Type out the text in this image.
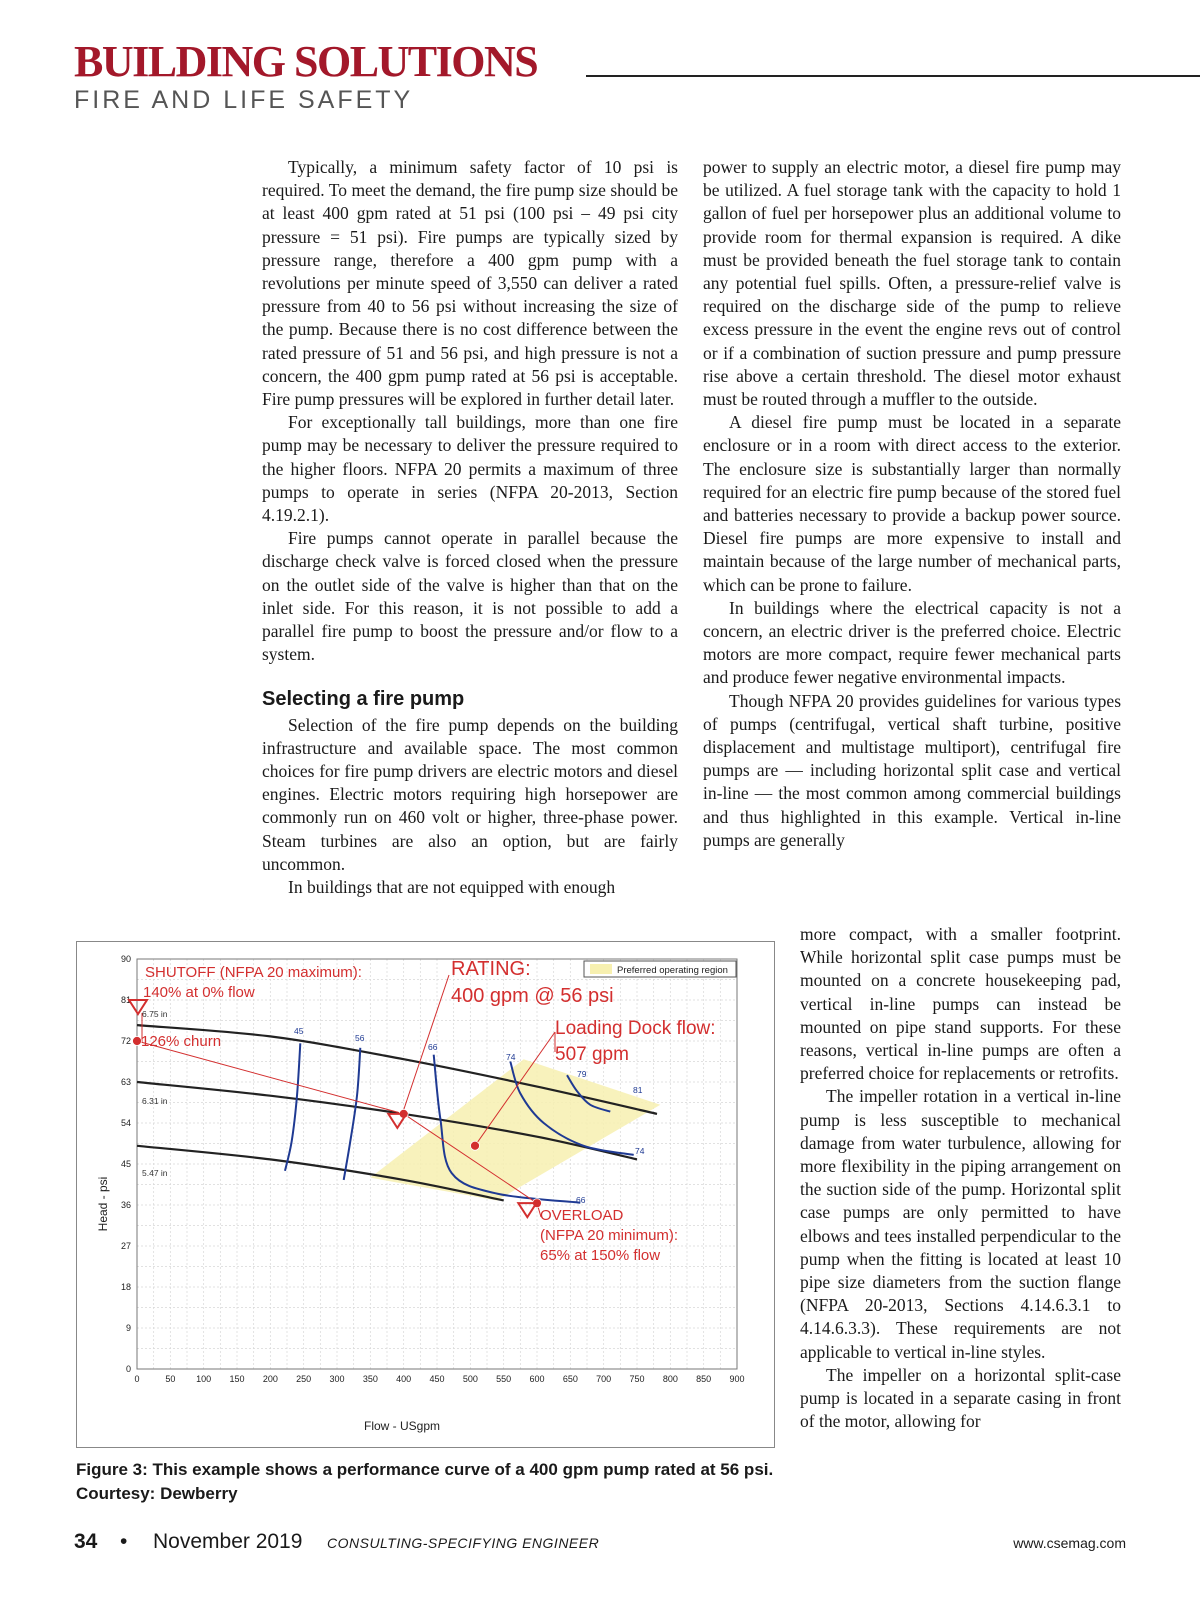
BUILDING SOLUTIONS
FIRE AND LIFE SAFETY

Typically, a minimum safety factor of 10 psi is required. To meet the demand, the fire pump size should be at least 400 gpm rated at 51 psi (100 psi – 49 psi city pressure = 51 psi). Fire pumps are typically sized by pressure range, therefore a 400 gpm pump with a revolutions per minute speed of 3,550 can deliver a rated pressure from 40 to 56 psi without increasing the size of the pump. Because there is no cost difference between the rated pressure of 51 and 56 psi, and high pressure is not a concern, the 400 gpm pump rated at 56 psi is acceptable. Fire pump pressures will be explored in further detail later.

For exceptionally tall buildings, more than one fire pump may be necessary to deliver the pressure required to the higher floors. NFPA 20 permits a maximum of three pumps to operate in series (NFPA 20-2013, Section 4.19.2.1).

Fire pumps cannot operate in parallel because the discharge check valve is forced closed when the pressure on the outlet side of the valve is higher than that on the inlet side. For this reason, it is not possible to add a parallel fire pump to boost the pressure and/or flow to a system.

Selecting a fire pump

Selection of the fire pump depends on the building infrastructure and available space. The most common choices for fire pump drivers are electric motors and diesel engines. Electric motors requiring high horsepower are commonly run on 460 volt or higher, three-phase power. Steam turbines are also an option, but are fairly uncommon.

In buildings that are not equipped with enough

power to supply an electric motor, a diesel fire pump may be utilized. A fuel storage tank with the capacity to hold 1 gallon of fuel per horsepower plus an additional volume to provide room for thermal expansion is required. A dike must be provided beneath the fuel storage tank to contain any potential fuel spills. Often, a pressure-relief valve is required on the discharge side of the pump to relieve excess pressure in the event the engine revs out of control or if a combination of suction pressure and pump pressure rise above a certain threshold. The diesel motor exhaust must be routed through a muffler to the outside.

A diesel fire pump must be located in a separate enclosure or in a room with direct access to the exterior. The enclosure size is substantially larger than normally required for an electric fire pump because of the stored fuel and batteries necessary to provide a backup power source. Diesel fire pumps are more expensive to install and maintain because of the large number of mechanical parts, which can be prone to failure.

In buildings where the electrical capacity is not a concern, an electric driver is the preferred choice. Electric motors are more compact, require fewer mechanical parts and produce fewer negative environmental impacts.

Though NFPA 20 provides guidelines for various types of pumps (centrifugal, vertical shaft turbine, positive displacement and multistage multiport), centrifugal fire pumps are — including horizontal split case and vertical in-line — the most common among commercial buildings and thus highlighted in this example. Vertical in-line pumps are generally

more compact, with a smaller footprint. While horizontal split case pumps must be mounted on a concrete housekeeping pad, vertical in-line pumps can instead be mounted on pipe stand supports. For these reasons, vertical in-line pumps are often a preferred choice for replacements or retrofits.

The impeller rotation in a vertical in-line pump is less susceptible to mechanical damage from water turbulence, allowing for more flexibility in the piping arrangement on the suction side of the pump. Horizontal split case pumps are only permitted to have elbows and tees installed perpendicular to the pump when the fitting is located at least 10 pipe size diameters from the suction flange (NFPA 20-2013, Sections 4.14.6.3.1 to 4.14.6.3.3). These requirements are not applicable to vertical in-line styles.

The impeller on a horizontal split-case pump is located in a separate casing in front of the motor, allowing for

0	50 100 150 200 250 300 350 400 450 500 550 600 650 700 750 800 850 900
0
9
18
27
36
45
54
63
72
81
90
Flow - USgpm
Head - psi
Preferred operating region
SHUTOFF (NFPA 20 maximum):
140% at 0% flow
126% churn
RATING:
400 gpm @ 56 psi
Loading Dock flow:
507 gpm
OVERLOAD
(NFPA 20 minimum):
65% at 150% flow
6.75 in
6.31 in
5.47 in
45
56
66
74
79
81
74
66
Figure 3: This example shows a performance curve of a 400 gpm pump rated at 56 psi. Courtesy: Dewberry
34 • November 2019 CONSULTING-SPECIFYING ENGINEER	www.csemag.com
